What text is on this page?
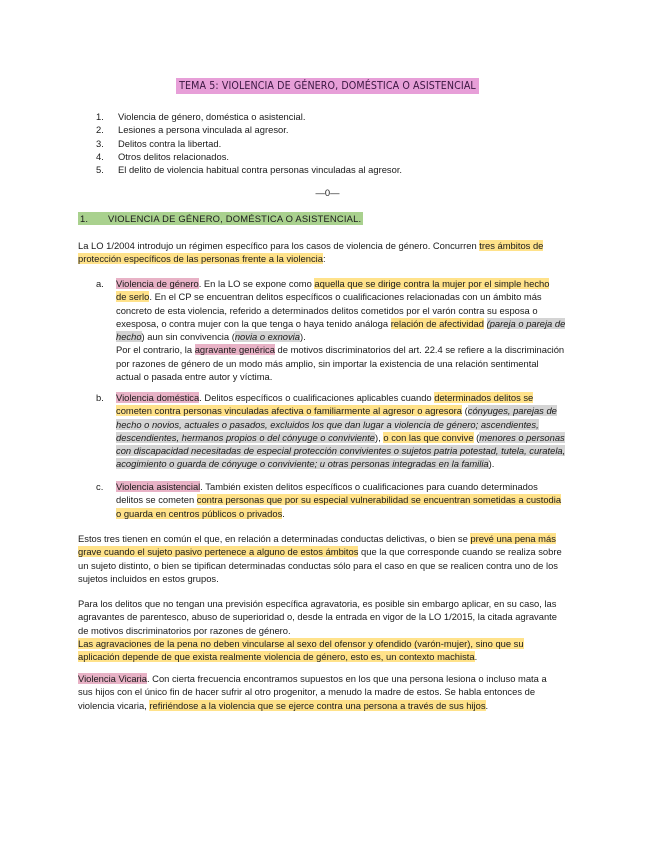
TEMA 5: VIOLENCIA DE GÉNERO, DOMÉSTICA O ASISTENCIAL
1. Violencia de género, doméstica o asistencial.
2. Lesiones a persona vinculada al agresor.
3. Delitos contra la libertad.
4. Otros delitos relacionados.
5. El delito de violencia habitual contra personas vinculadas al agresor.
—0—
1. VIOLENCIA DE GÉNERO, DOMÉSTICA O ASISTENCIAL.
La LO 1/2004 introdujo un régimen específico para los casos de violencia de género. Concurren tres ámbitos de
protección específicos de las personas frente a la violencia:
a. Violencia de género. En la LO se expone como aquella que se dirige contra la mujer por el simple hecho
de serlo. En el CP se encuentran delitos específicos o cualificaciones relacionadas con un ámbito más
concreto de esta violencia, referido a determinados delitos cometidos por el varón contra su esposa o
exesposa, o contra mujer con la que tenga o haya tenido análoga relación de afectividad (pareja o pareja de
hecho) aun sin convivencia (novia o exnovia).
Por el contrario, la agravante genérica de motivos discriminatorios del art. 22.4 se refiere a la discriminación
por razones de género de un modo más amplio, sin importar la existencia de una relación sentimental
actual o pasada entre autor y víctima.
b. Violencia doméstica. Delitos específicos o cualificaciones aplicables cuando determinados delitos se
cometen contra personas vinculadas afectiva o familiarmente al agresor o agresora (cónyuges, parejas de
hecho o novios, actuales o pasados, excluidos los que dan lugar a violencia de género; ascendientes,
descendientes, hermanos propios o del cónyuge o conviviente), o con las que convive (menores o personas
con discapacidad necesitadas de especial protección convivientes o sujetos patria potestad, tutela, curatela,
acogimiento o guarda de cónyuge o conviviente; u otras personas integradas en la familia).
c. Violencia asistencial. También existen delitos específicos o cualificaciones para cuando determinados
delitos se cometen contra personas que por su especial vulnerabilidad se encuentran sometidas a custodia
o guarda en centros públicos o privados.
Estos tres tienen en común el que, en relación a determinadas conductas delictivas, o bien se prevé una pena más
grave cuando el sujeto pasivo pertenece a alguno de estos ámbitos que la que corresponde cuando se realiza sobre
un sujeto distinto, o bien se tipifican determinadas conductas sólo para el caso en que se realicen contra uno de los
sujetos incluidos en estos grupos.
Para los delitos que no tengan una previsión específica agravatoria, es posible sin embargo aplicar, en su caso, las
agravantes de parentesco, abuso de superioridad o, desde la entrada en vigor de la LO 1/2015, la citada agravante
de motivos discriminatorios por razones de género.
Las agravaciones de la pena no deben vincularse al sexo del ofensor y ofendido (varón-mujer), sino que su
aplicación depende de que exista realmente violencia de género, esto es, un contexto machista.
Violencia Vicaria. Con cierta frecuencia encontramos supuestos en los que una persona lesiona o incluso mata a
sus hijos con el único fin de hacer sufrir al otro progenitor, a menudo la madre de estos. Se habla entonces de
violencia vicaria, refiriéndose a la violencia que se ejerce contra una persona a través de sus hijos.
